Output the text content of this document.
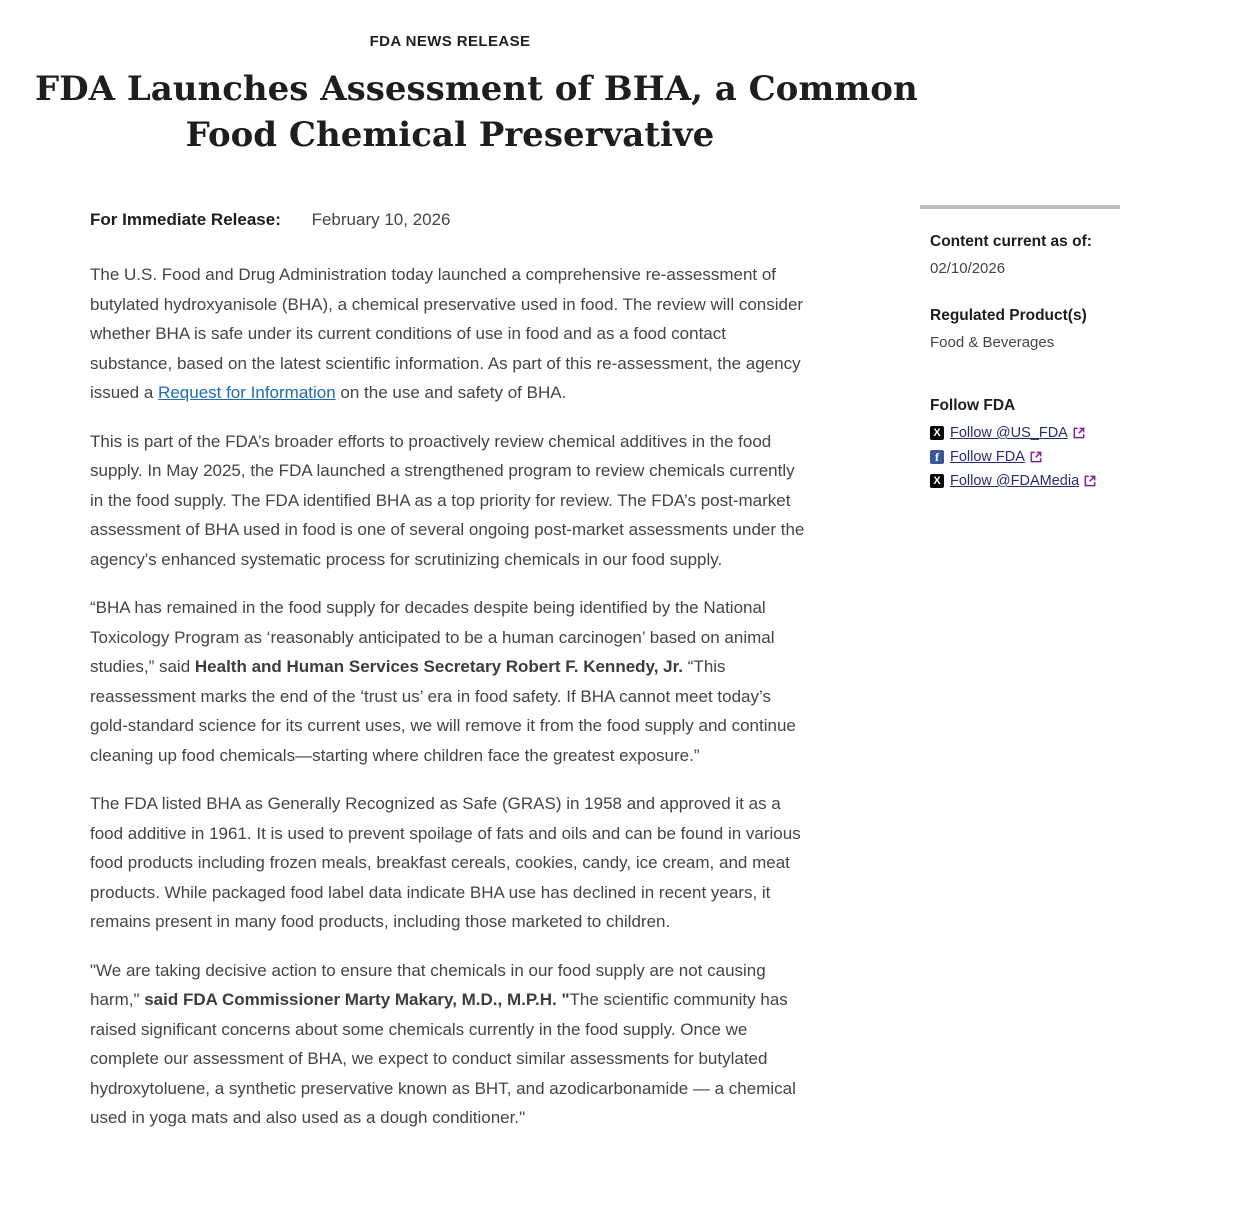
FDA NEWS RELEASE
FDA Launches Assessment of BHA, a Common
Food Chemical Preservative
For Immediate Release: February 10, 2026

The U.S. Food and Drug Administration today launched a comprehensive re-assessment of butylated hydroxyanisole (BHA), a chemical preservative used in food. The review will consider whether BHA is safe under its current conditions of use in food and as a food contact substance, based on the latest scientific information. As part of this re-assessment, the agency issued a Request for Information on the use and safety of BHA.

This is part of the FDA’s broader efforts to proactively review chemical additives in the food supply. In May 2025, the FDA launched a strengthened program to review chemicals currently in the food supply. The FDA identified BHA as a top priority for review. The FDA’s post-market assessment of BHA used in food is one of several ongoing post-market assessments under the agency's enhanced systematic process for scrutinizing chemicals in our food supply.

“BHA has remained in the food supply for decades despite being identified by the National Toxicology Program as ‘reasonably anticipated to be a human carcinogen’ based on animal studies,” said Health and Human Services Secretary Robert F. Kennedy, Jr. “This reassessment marks the end of the ‘trust us’ era in food safety. If BHA cannot meet today’s gold-standard science for its current uses, we will remove it from the food supply and continue cleaning up food chemicals—starting where children face the greatest exposure.”

The FDA listed BHA as Generally Recognized as Safe (GRAS) in 1958 and approved it as a food additive in 1961. It is used to prevent spoilage of fats and oils and can be found in various food products including frozen meals, breakfast cereals, cookies, candy, ice cream, and meat products. While packaged food label data indicate BHA use has declined in recent years, it remains present in many food products, including those marketed to children.

"We are taking decisive action to ensure that chemicals in our food supply are not causing harm," said FDA Commissioner Marty Makary, M.D., M.P.H. "The scientific community has raised significant concerns about some chemicals currently in the food supply. Once we complete our assessment of BHA, we expect to conduct similar assessments for butylated hydroxytoluene, a synthetic preservative known as BHT, and azodicarbonamide — a chemical used in yoga mats and also used as a dough conditioner."

Content current as of:
02/10/2026
Regulated Product(s)
Food & Beverages
Follow FDA
X
Follow @US_FDA
f
Follow FDA
X
Follow @FDAMedia
